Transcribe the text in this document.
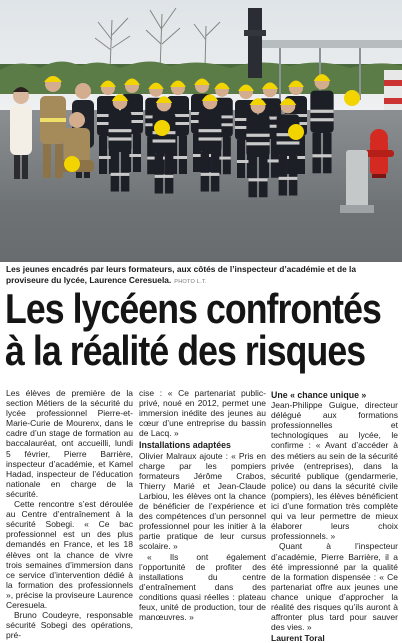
Les jeunes encadrés par leurs formateurs, aux côtés de l’inspecteur d’académie et de la proviseure du lycée, Laurence Ceresuela. PHOTO L.T.
Les lycéens confrontés
à la réalité des risques

Les élèves de première de la section Métiers de la sécurité du lycée professionnel Pierre-et-Marie-Curie de Mourenx, dans le cadre d’un stage de formation au baccalauréat, ont accueilli, lundi 5 février, Pierre Barrière, inspecteur d’académie, et Kamel Hadad, inspecteur de l’éducation nationale en charge de la sécurité.

Cette rencontre s’est déroulée au Centre d’entraînement à la sécurité Sobegi. « Ce bac professionnel est un des plus demandés en France, et les 18 élèves ont la chance de vivre trois semaines d’immersion dans ce service d’intervention dédié à la formation des professionnels », précise la proviseure Laurence Ceresuela.

Bruno Coudeyre, responsable sécurité Sobegi des opérations, pré-

cise : « Ce partenariat public-privé, noué en 2012, permet une immersion inédite des jeunes au cœur d’une entreprise du bassin de Lacq. »

Installations adaptées

Olivier Malraux ajoute : « Pris en charge par les pompiers formateurs Jérôme Crabos, Thierry Marié et Jean-Claude Larbiou, les élèves ont la chance de bénéficier de l’expérience et des compétences d’un personnel professionnel pour les initier à la partie pratique de leur cursus scolaire. »

« Ils ont également l’opportunité de profiter des installations du centre d’entraînement dans des conditions quasi réelles : plateau feux, unité de production, tour de manœuvres. »

Une « chance unique »

Jean-Philippe Guigue, directeur délégué aux formations professionnelles et technologiques au lycée, le confirme : « Avant d’accéder à des métiers au sein de la sécurité privée (entreprises), dans la sécurité publique (gendarmerie, police) ou dans la sécurité civile (pompiers), les élèves bénéficient ici d’une formation très complète qui va leur permettre de mieux élaborer leurs choix professionnels. »

Quant à l’inspecteur d’académie, Pierre Barrière, il a été impressionné par la qualité de la formation dispensée : « Ce partenariat offre aux jeunes une chance unique d’approcher la réalité des risques qu’ils auront à affronter plus tard pour sauver des vies. »

Laurent Toral
